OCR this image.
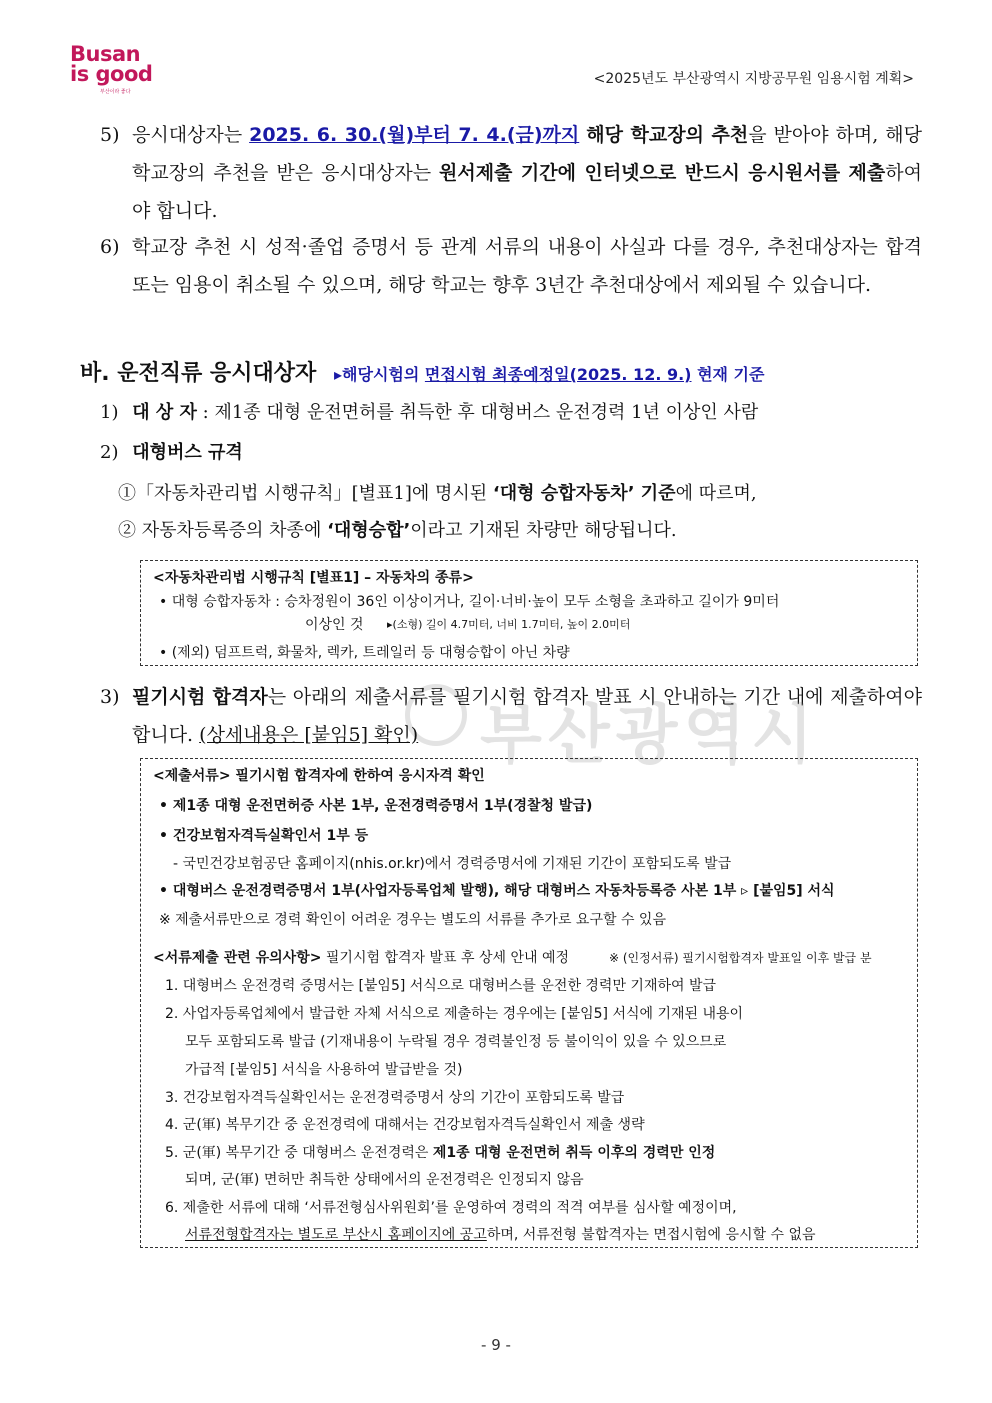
Busan
is good
부산이라 좋다
<2025년도 부산광역시 지방공무원 임용시험 계획>
부산광역시
5) 응시대상자는 2025. 6. 30.(월)부터 7. 4.(금)까지 해당 학교장의 추천을 받아야 하며, 해당 학교장의 추천을 받은 응시대상자는 원서제출 기간에 인터넷으로 반드시 응시원서를 제출하여야 합니다.
6) 학교장 추천 시 성적·졸업 증명서 등 관계 서류의 내용이 사실과 다를 경우, 추천대상자는 합격 또는 임용이 취소될 수 있으며, 해당 학교는 향후 3년간 추천대상에서 제외될 수 있습니다.
바. 운전직류 응시대상자 ▸해당시험의 면접시험 최종예정일(2025. 12. 9.) 현재 기준
1) 대 상 자 : 제1종 대형 운전면허를 취득한 후 대형버스 운전경력 1년 이상인 사람
2) 대형버스 규격
①「자동차관리법 시행규칙」[별표1]에 명시된 ‘대형 승합자동차’ 기준에 따르며,
② 자동차등록증의 차종에 ‘대형승합’이라고 기재된 차량만 해당됩니다.
<자동차관리법 시행규칙 [별표1] – 자동차의 종류>
• 대형 승합자동차 : 승차정원이 36인 이상이거나, 길이·너비·높이 모두 소형을 초과하고 길이가 9미터
이상인 것 ▸(소형) 길이 4.7미터, 너비 1.7미터, 높이 2.0미터
• (제외) 덤프트럭, 화물차, 렉카, 트레일러 등 대형승합이 아닌 차량
3) 필기시험 합격자는 아래의 제출서류를 필기시험 합격자 발표 시 안내하는 기간 내에 제출하여야 합니다. (상세내용은 [붙임5] 확인)
<제출서류> 필기시험 합격자에 한하여 응시자격 확인
• 제1종 대형 운전면허증 사본 1부, 운전경력증명서 1부(경찰청 발급)
• 건강보험자격득실확인서 1부 등
- 국민건강보험공단 홈페이지(nhis.or.kr)에서 경력증명서에 기재된 기간이 포함되도록 발급
• 대형버스 운전경력증명서 1부(사업자등록업체 발행), 해당 대형버스 자동차등록증 사본 1부 ▹ [붙임5] 서식
※ 제출서류만으로 경력 확인이 어려운 경우는 별도의 서류를 추가로 요구할 수 있음
<서류제출 관련 유의사항> 필기시험 합격자 발표 후 상세 안내 예정	※ (인정서류) 필기시험합격자 발표일 이후 발급 분
1. 대형버스 운전경력 증명서는 [붙임5] 서식으로 대형버스를 운전한 경력만 기재하여 발급
2. 사업자등록업체에서 발급한 자체 서식으로 제출하는 경우에는 [붙임5] 서식에 기재된 내용이
모두 포함되도록 발급 (기재내용이 누락될 경우 경력불인정 등 불이익이 있을 수 있으므로
가급적 [붙임5] 서식을 사용하여 발급받을 것)
3. 건강보험자격득실확인서는 운전경력증명서 상의 기간이 포함되도록 발급
4. 군(軍) 복무기간 중 운전경력에 대해서는 건강보험자격득실확인서 제출 생략
5. 군(軍) 복무기간 중 대형버스 운전경력은 제1종 대형 운전면허 취득 이후의 경력만 인정
되며, 군(軍) 면허만 취득한 상태에서의 운전경력은 인정되지 않음
6. 제출한 서류에 대해 ‘서류전형심사위원회’를 운영하여 경력의 적격 여부를 심사할 예정이며,
서류전형합격자는 별도로 부산시 홈페이지에 공고하며, 서류전형 불합격자는 면접시험에 응시할 수 없음
- 9 -
